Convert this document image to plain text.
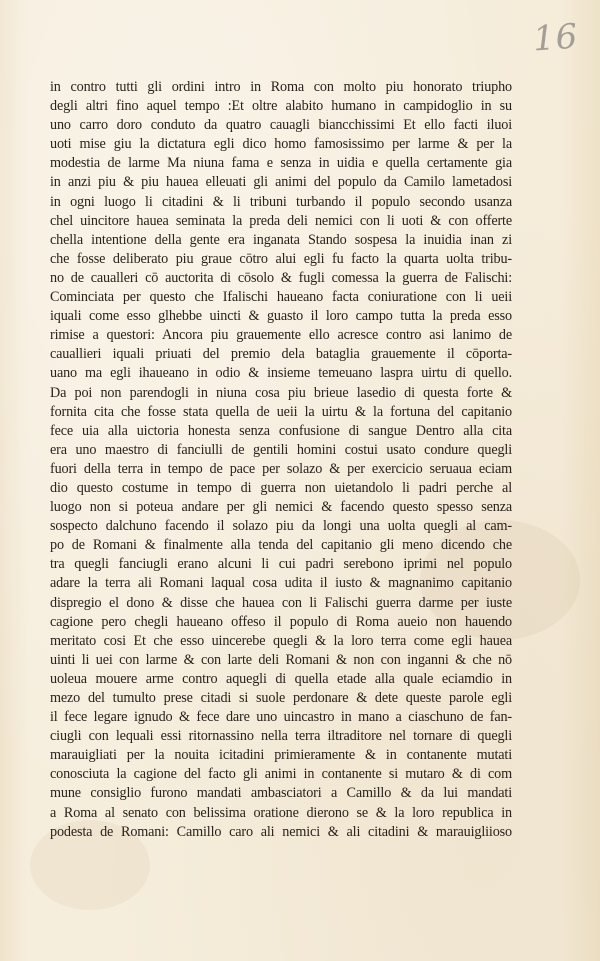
16
in contro tutti gli ordini intro in Roma con molto piu honorato triupho
degli altri fino aquel tempo :Et oltre alabito humano in campidoglio in su
uno carro doro conduto da quatro cauagli biancchissimi Et ello facti iluoi
uoti mise giu la dictatura egli dico homo famosissimo per larme & per la
modestia de larme Ma niuna fama e senza in uidia e quella certamente gia
in anzi piu & piu hauea elleuati gli animi del populo da Camilo lametadosi
in ogni luogo li citadini & li tribuni turbando il populo secondo usanza
chel uincitore hauea seminata la preda deli nemici con li uoti & con offerte
chella intentione della gente era inganata Stando sospesa la inuidia inan zi
che fosse deliberato piu graue cōtro alui egli fu facto la quarta uolta tribu-
no de caualleri cō auctorita di cōsolo & fugli comessa la guerra de Falischi:
Cominciata per questo che Ifalischi haueano facta coniuratione con li ueii
iquali come esso glhebbe uincti & guasto il loro campo tutta la preda esso
rimise a questori: Ancora piu grauemente ello acresce contro asi lanimo de
cauallieri iquali priuati del premio dela bataglia grauemente il cōporta-
uano ma egli ihaueano in odio & insieme temeuano laspra uirtu di quello.
Da poi non parendogli in niuna cosa piu brieue lasedio di questa forte &
fornita cita che fosse stata quella de ueii la uirtu & la fortuna del capitanio
fece uia alla uictoria honesta senza confusione di sangue Dentro alla cita
era uno maestro di fanciulli de gentili homini costui usato condure quegli
fuori della terra in tempo de pace per solazo & per exercicio seruaua eciam
dio questo costume in tempo di guerra non uietandolo li padri perche al
luogo non si poteua andare per gli nemici & facendo questo spesso senza
sospecto dalchuno facendo il solazo piu da longi una uolta quegli al cam-
po de Romani & finalmente alla tenda del capitanio gli meno dicendo che
tra quegli fanciugli erano alcuni li cui padri serebono iprimi nel populo
adare la terra ali Romani laqual cosa udita il iusto & magnanimo capitanio
dispregio el dono & disse che hauea con li Falischi guerra darme per iuste
cagione pero chegli haueano offeso il populo di Roma aueio non hauendo
meritato cosi Et che esso uincerebe quegli & la loro terra come egli hauea
uinti li uei con larme & con larte deli Romani & non con inganni & che nō
uoleua mouere arme contro aquegli di quella etade alla quale eciamdio in
mezo del tumulto prese citadi si suole perdonare & dete queste parole egli
il fece legare ignudo & fece dare uno uincastro in mano a ciaschuno de fan-
ciugli con lequali essi ritornassino nella terra iltraditore nel tornare di quegli
marauigliati per la nouita icitadini primieramente & in contanente mutati
conosciuta la cagione del facto gli animi in contanente si mutaro & di com
mune consiglio furono mandati ambasciatori a Camillo & da lui mandati
a Roma al senato con belissima oratione dierono se & la loro republica in
podesta de Romani: Camillo caro ali nemici & ali citadini & marauigliioso
